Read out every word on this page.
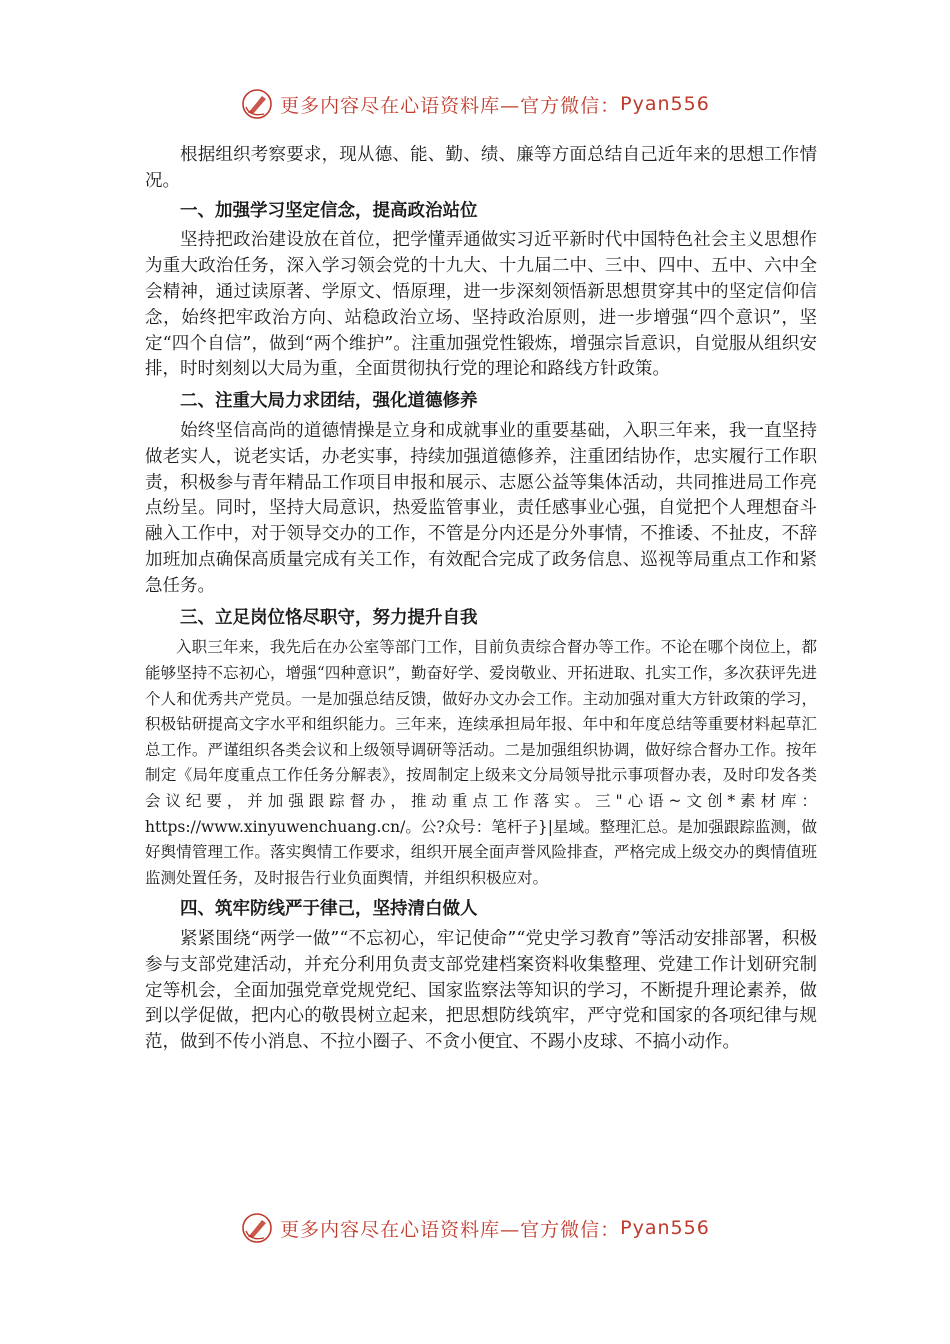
更多内容尽在心语资料库—官方微信： Pyan556

根据组织考察要求，现从德、能、勤、绩、廉等方面总结自己近年来的思想工作情况。

一、加强学习坚定信念，提高政治站位

坚持把政治建设放在首位，把学懂弄通做实习近平新时代中国特色社会主义思想作为重大政治任务，深入学习领会党的十九大、十九届二中、三中、四中、五中、六中全会精神，通过读原著、学原文、悟原理，进一步深刻领悟新思想贯穿其中的坚定信仰信念，始终把牢政治方向、站稳政治立场、坚持政治原则，进一步增强“四个意识”，坚定“四个自信”，做到“两个维护”。注重加强党性锻炼，增强宗旨意识，自觉服从组织安排，时时刻刻以大局为重，全面贯彻执行党的理论和路线方针政策。

二、注重大局力求团结，强化道德修养

始终坚信高尚的道德情操是立身和成就事业的重要基础，入职三年来，我一直坚持做老实人，说老实话，办老实事，持续加强道德修养，注重团结协作，忠实履行工作职责，积极参与青年精品工作项目申报和展示、志愿公益等集体活动，共同推进局工作亮点纷呈。同时，坚持大局意识，热爱监管事业，责任感事业心强，自觉把个人理想奋斗融入工作中，对于领导交办的工作，不管是分内还是分外事情，不推诿、不扯皮，不辞加班加点确保高质量完成有关工作，有效配合完成了政务信息、巡视等局重点工作和紧急任务。

三、立足岗位恪尽职守，努力提升自我

入职三年来，我先后在办公室等部门工作，目前负责综合督办等工作。不论在哪个岗位上，都能够坚持不忘初心，增强“四种意识”，勤奋好学、爱岗敬业、开拓进取、扎实工作，多次获评先进个人和优秀共产党员。一是加强总结反馈，做好办文办会工作。主动加强对重大方针政策的学习，积极钻研提高文字水平和组织能力。三年来，连续承担局年报、年中和年度总结等重要材料起草汇总工作。严谨组织各类会议和上级领导调研等活动。二是加强组织协调，做好综合督办工作。按年制定《局年度重点工作任务分解表》，按周制定上级来文分局领导批示事项督办表，及时印发各类会议纪要，并加强跟踪督办，推动重点工作落实。三"心语~文创*素材库：https://www.xinyuwenchuang.cn/。公?众号：笔杆子}|星域。整理汇总。是加强跟踪监测，做好舆情管理工作。落实舆情工作要求，组织开展全面声誉风险排查，严格完成上级交办的舆情值班监测处置任务，及时报告行业负面舆情，并组织积极应对。

四、筑牢防线严于律己，坚持清白做人

紧紧围绕“两学一做”“不忘初心，牢记使命”“党史学习教育”等活动安排部署，积极参与支部党建活动，并充分利用负责支部党建档案资料收集整理、党建工作计划研究制定等机会，全面加强党章党规党纪、国家监察法等知识的学习，不断提升理论素养，做到以学促做，把内心的敬畏树立起来，把思想防线筑牢，严守党和国家的各项纪律与规范，做到不传小消息、不拉小圈子、不贪小便宜、不踢小皮球、不搞小动作。

更多内容尽在心语资料库—官方微信： Pyan556
